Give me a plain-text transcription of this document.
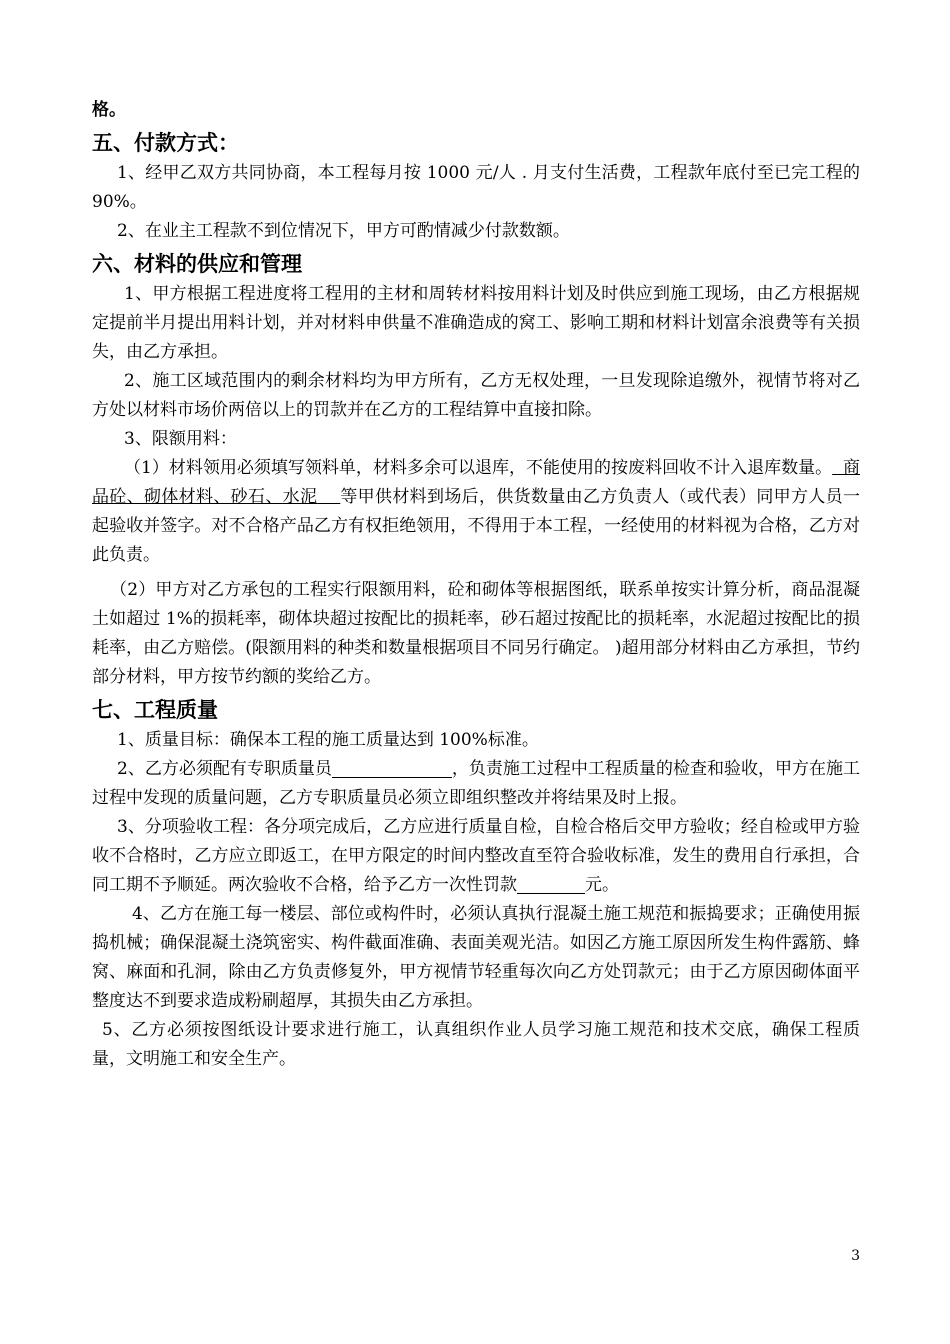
格。

五、付款方式：

1、经甲乙双方共同协商，本工程每月按 1000 元/人 . 月支付生活费，工程款年底付至已完工程的 90%。

2、在业主工程款不到位情况下，甲方可酌情减少付款数额。

六、材料的供应和管理

1、甲方根据工程进度将工程用的主材和周转材料按用料计划及时供应到施工现场，由乙方根据规定提前半月提出用料计划，并对材料申供量不准确造成的窝工、影响工期和材料计划富余浪费等有关损失，由乙方承担。

2、施工区域范围内的剩余材料均为甲方所有，乙方无权处理，一旦发现除追缴外，视情节将对乙方处以材料市场价两倍以上的罚款并在乙方的工程结算中直接扣除。

3、限额用料：

（1）材料领用必须填写领料单，材料多余可以退库，不能使用的按废料回收不计入退库数量。 商品砼、砌体材料、砂石、水泥 等甲供材料到场后，供货数量由乙方负责人（或代表）同甲方人员一起验收并签字。对不合格产品乙方有权拒绝领用，不得用于本工程，一经使用的材料视为合格，乙方对此负责。

（2）甲方对乙方承包的工程实行限额用料，砼和砌体等根据图纸，联系单按实计算分析，商品混凝土如超过 1%的损耗率，砌体块超过按配比的损耗率，砂石超过按配比的损耗率，水泥超过按配比的损耗率，由乙方赔偿。(限额用料的种类和数量根据项目不同另行确定。 )超用部分材料由乙方承担，节约部分材料，甲方按节约额的奖给乙方。

七、工程质量

1、质量目标：确保本工程的施工质量达到 100%标准。

2、乙方必须配有专职质量员	，负责施工过程中工程质量的检查和验收，甲方在施工过程中发现的质量问题，乙方专职质量员必须立即组织整改并将结果及时上报。

3、分项验收工程：各分项完成后，乙方应进行质量自检，自检合格后交甲方验收；经自检或甲方验收不合格时，乙方应立即返工，在甲方限定的时间内整改直至符合验收标准，发生的费用自行承担，合同工期不予顺延。两次验收不合格，给予乙方一次性罚款	元。

4、乙方在施工每一楼层、部位或构件时，必须认真执行混凝土施工规范和振捣要求；正确使用振捣机械；确保混凝土浇筑密实、构件截面准确、表面美观光洁。如因乙方施工原因所发生构件露筋、蜂窝、麻面和孔洞，除由乙方负责修复外，甲方视情节轻重每次向乙方处罚款元；由于乙方原因砌体面平整度达不到要求造成粉刷超厚，其损失由乙方承担。

5、乙方必须按图纸设计要求进行施工，认真组织作业人员学习施工规范和技术交底，确保工程质量，文明施工和安全生产。

3
